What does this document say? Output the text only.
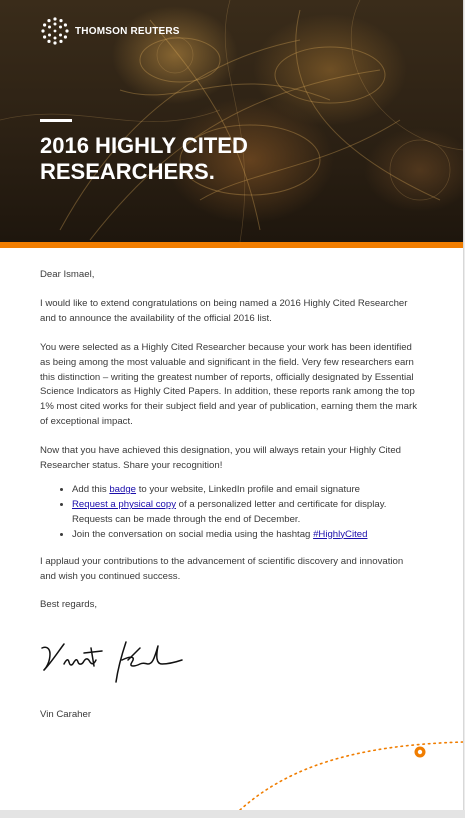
THOMSON REUTERS
2016 HIGHLY CITED RESEARCHERS.

Dear Ismael,

I would like to extend congratulations on being named a 2016 Highly Cited Researcher and to announce the availability of the official 2016 list.

You were selected as a Highly Cited Researcher because your work has been identified as being among the most valuable and significant in the field. Very few researchers earn this distinction – writing the greatest number of reports, officially designated by Essential Science Indicators as Highly Cited Papers. In addition, these reports rank among the top 1% most cited works for their subject field and year of publication, earning them the mark of exceptional impact.

Now that you have achieved this designation, you will always retain your Highly Cited Researcher status. Share your recognition!

• Add this badge to your website, LinkedIn profile and email signature
• Request a physical copy of a personalized letter and certificate for display. Requests can be made through the end of December.
• Join the conversation on social media using the hashtag #HighlyCited

I applaud your contributions to the advancement of scientific discovery and innovation and wish you continued success.

Best regards,

Vin Caraher
